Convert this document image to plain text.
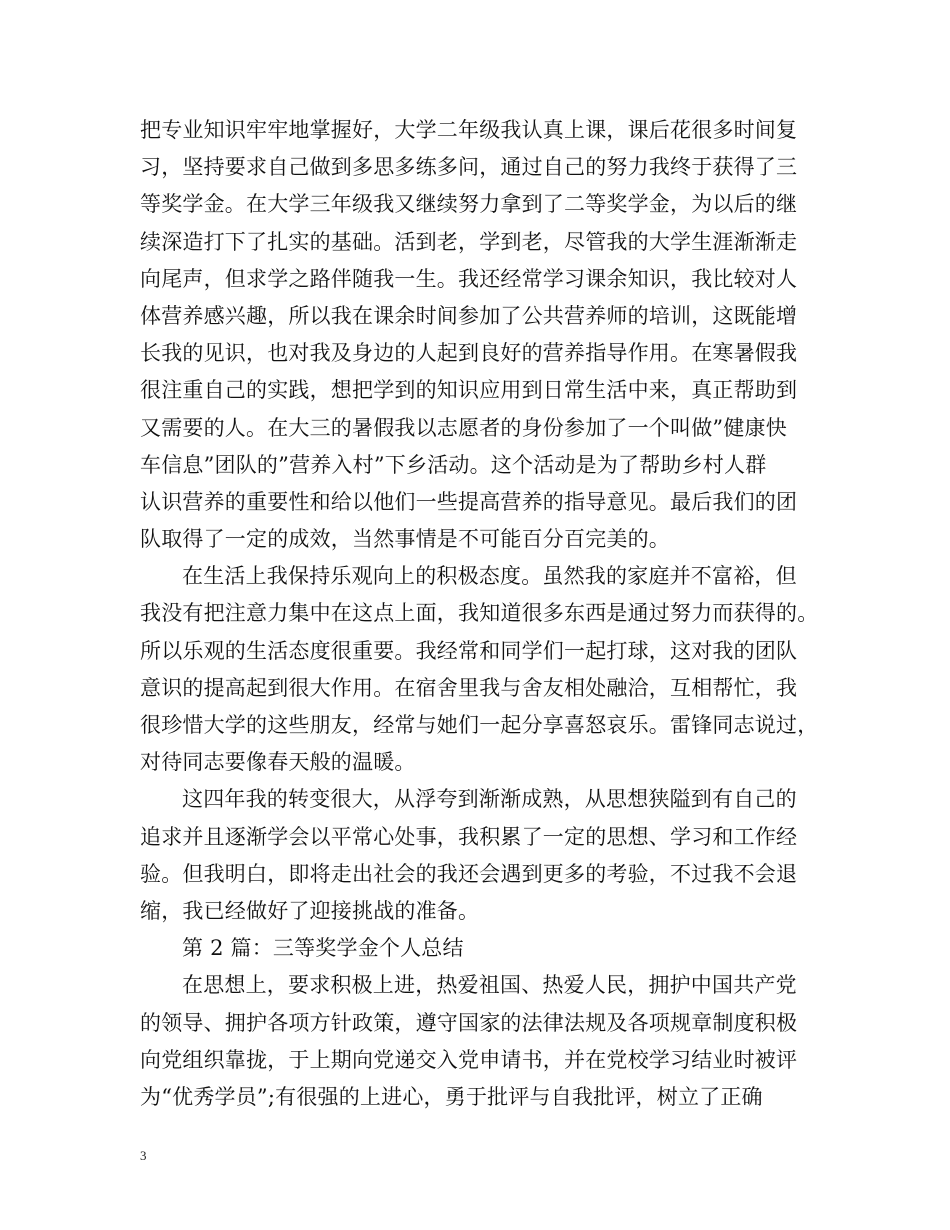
把专业知识牢牢地掌握好，大学二年级我认真上课，课后花很多时间复
习，坚持要求自己做到多思多练多问，通过自己的努力我终于获得了三
等奖学金。在大学三年级我又继续努力拿到了二等奖学金，为以后的继
续深造打下了扎实的基础。活到老，学到老，尽管我的大学生涯渐渐走
向尾声，但求学之路伴随我一生。我还经常学习课余知识，我比较对人
体营养感兴趣，所以我在课余时间参加了公共营养师的培训，这既能增
长我的见识，也对我及身边的人起到良好的营养指导作用。在寒暑假我
很注重自己的实践，想把学到的知识应用到日常生活中来，真正帮助到
又需要的人。在大三的暑假我以志愿者的身份参加了一个叫做”健康快
车信息”团队的”营养入村”下乡活动。这个活动是为了帮助乡村人群
认识营养的重要性和给以他们一些提高营养的指导意见。最后我们的团
队取得了一定的成效，当然事情是不可能百分百完美的。
在生活上我保持乐观向上的积极态度。虽然我的家庭并不富裕，但
我没有把注意力集中在这点上面，我知道很多东西是通过努力而获得的。
所以乐观的生活态度很重要。我经常和同学们一起打球，这对我的团队
意识的提高起到很大作用。在宿舍里我与舍友相处融洽，互相帮忙，我
很珍惜大学的这些朋友，经常与她们一起分享喜怒哀乐。雷锋同志说过，
对待同志要像春天般的温暖。
这四年我的转变很大，从浮夸到渐渐成熟，从思想狭隘到有自己的
追求并且逐渐学会以平常心处事，我积累了一定的思想、学习和工作经
验。但我明白，即将走出社会的我还会遇到更多的考验，不过我不会退
缩，我已经做好了迎接挑战的准备。
第 2 篇：三等奖学金个人总结
在思想上，要求积极上进，热爱祖国、热爱人民，拥护中国共产党
的领导、拥护各项方针政策，遵守国家的法律法规及各项规章制度积极
向党组织靠拢，于上期向党递交入党申请书，并在党校学习结业时被评
为“优秀学员”;有很强的上进心，勇于批评与自我批评，树立了正确
3
